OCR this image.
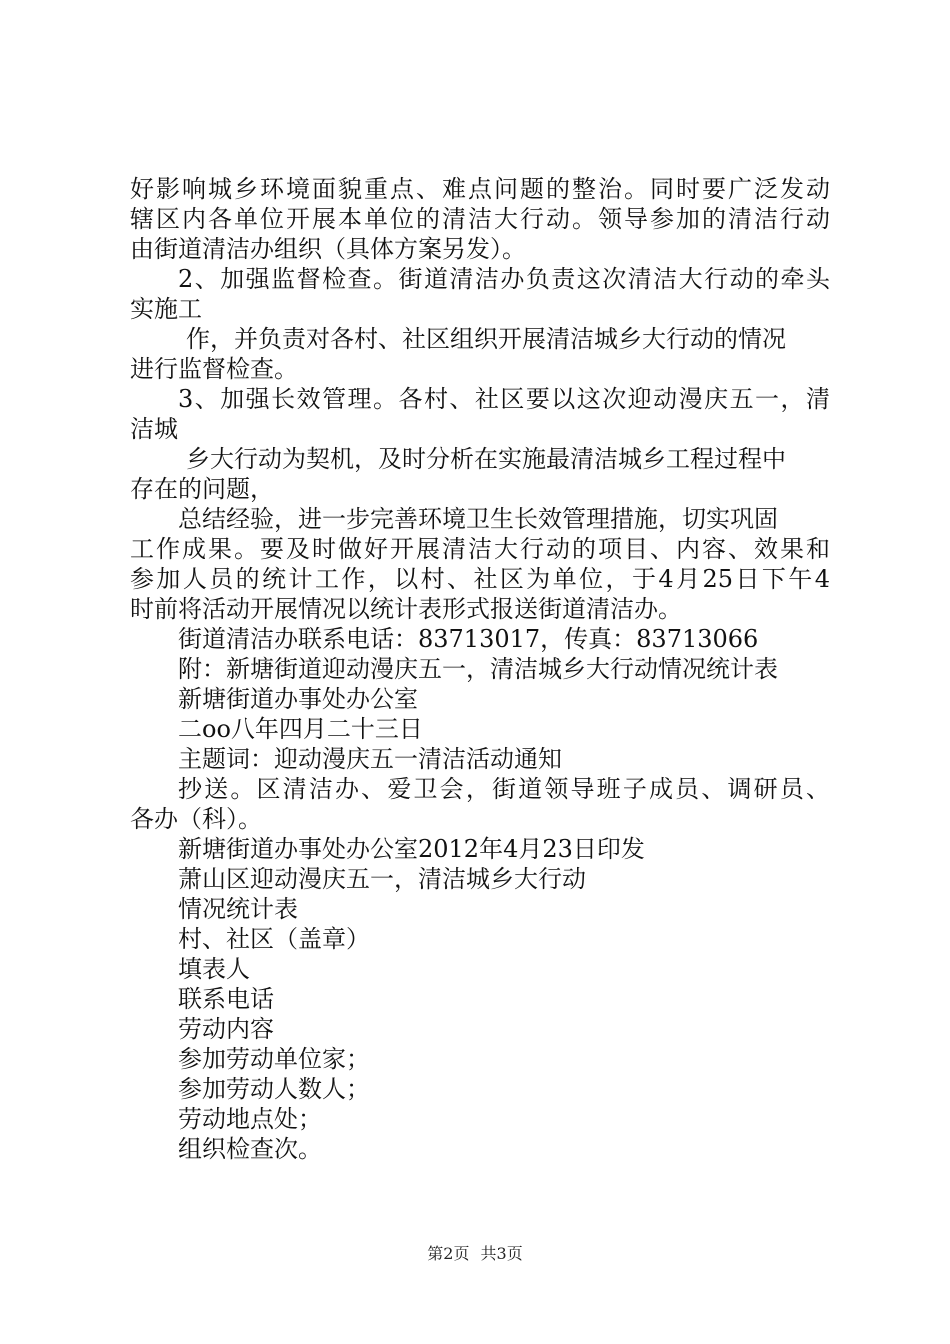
好影响城乡环境面貌重点、难点问题的整治。同时要广泛发动
辖区内各单位开展本单位的清洁大行动。领导参加的清洁行动
由街道清洁办组织（具体方案另发）。
2、加强监督检查。街道清洁办负责这次清洁大行动的牵头
实施工
作，并负责对各村、社区组织开展清洁城乡大行动的情况
进行监督检查。
3、加强长效管理。各村、社区要以这次迎动漫庆五一，清
洁城
乡大行动为契机，及时分析在实施最清洁城乡工程过程中
存在的问题，
总结经验，进一步完善环境卫生长效管理措施，切实巩固
工作成果。要及时做好开展清洁大行动的项目、内容、效果和
参加人员的统计工作，以村、社区为单位，于4月25日下午4
时前将活动开展情况以统计表形式报送街道清洁办。
街道清洁办联系电话：83713017，传真：83713066
附：新塘街道迎动漫庆五一，清洁城乡大行动情况统计表
新塘街道办事处办公室
二oo八年四月二十三日
主题词：迎动漫庆五一清洁活动通知
抄送。区清洁办、爱卫会，街道领导班子成员、调研员、
各办（科）。
新塘街道办事处办公室2012年4月23日印发
萧山区迎动漫庆五一，清洁城乡大行动
情况统计表
村、社区（盖章）
填表人
联系电话
劳动内容
参加劳动单位家；
参加劳动人数人；
劳动地点处；
组织检查次。
第2页 共3页
